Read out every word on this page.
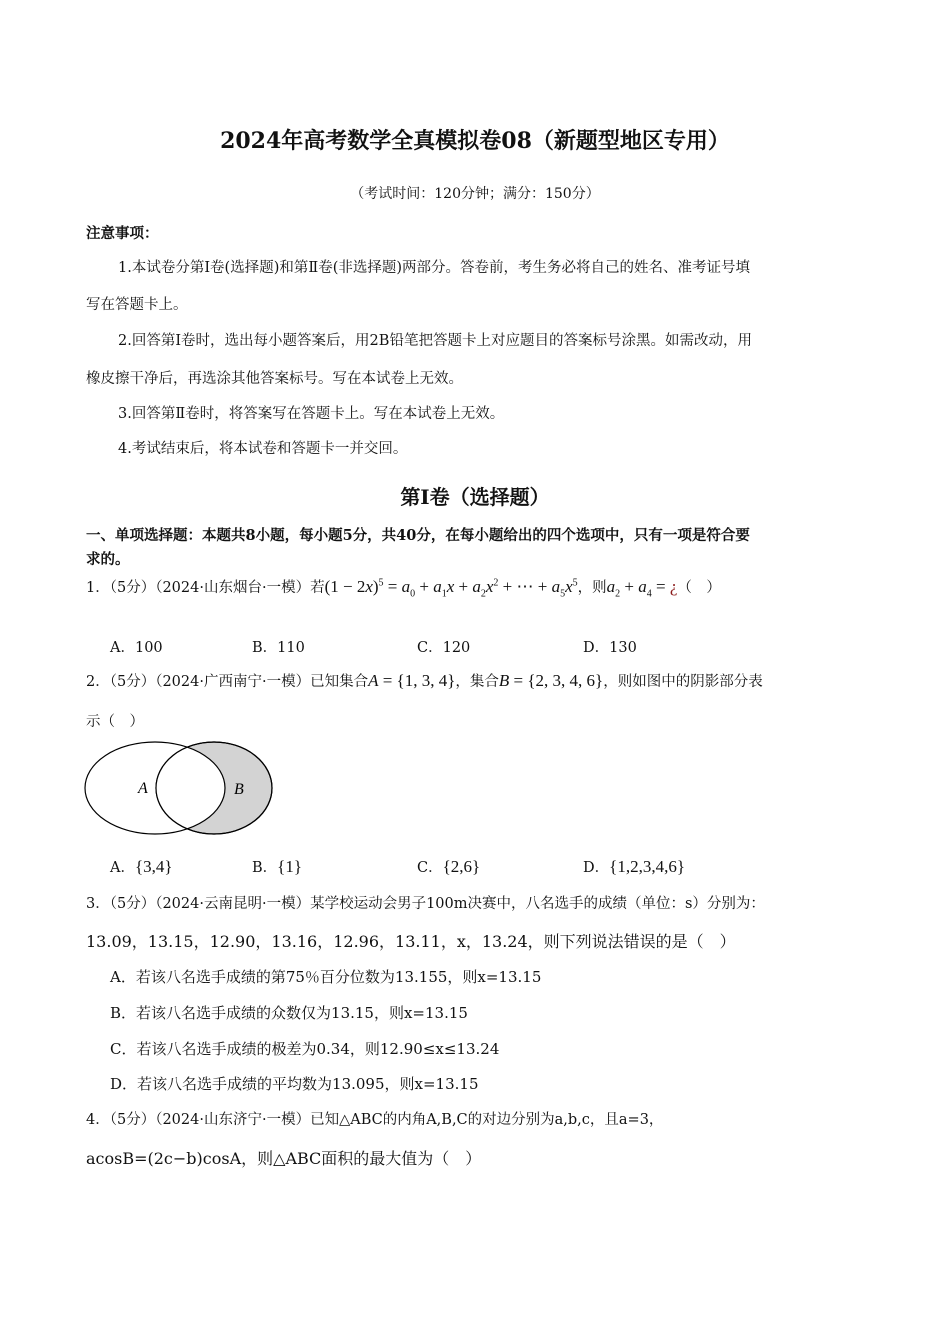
2024年高考数学全真模拟卷08（新题型地区专用）
（考试时间：120分钟；满分：150分）
注意事项：
1.本试卷分第Ⅰ卷(选择题)和第Ⅱ卷(非选择题)两部分。答卷前，考生务必将自己的姓名、准考证号填
写在答题卡上。
2.回答第Ⅰ卷时，选出每小题答案后，用2B铅笔把答题卡上对应题目的答案标号涂黑。如需改动，用
橡皮擦干净后，再选涂其他答案标号。写在本试卷上无效。
3.回答第Ⅱ卷时，将答案写在答题卡上。写在本试卷上无效。
4.考试结束后，将本试卷和答题卡一并交回。
第Ⅰ卷（选择题）
一、单项选择题：本题共8小题，每小题5分，共40分，在每小题给出的四个选项中，只有一项是符合要
求的。
1．（5分）（2024·山东烟台·一模）若$(1 - 2x)^5 = a_0 + a_1x + a_2x^2$ + ⋯ + $a_5x^5$，则$a_2 + a_4$ = ¿（　）
A．100	B．110	C．120	D．130
2．（5分）（2024·广西南宁·一模）已知集合A = {1, 3, 4}，集合B = {2, 3, 4, 6}，则如图中的阴影部分表
示（　）
A	B
A．{3,4}	B．{1}	C．{2,6}	D．{1,2,3,4,6}
3．（5分）（2024·云南昆明·一模）某学校运动会男子100m决赛中，八名选手的成绩（单位：s）分别为：
13.09，13.15，12.90，13.16，12.96，13.11，x，13.24，则下列说法错误的是（　）
A．若该八名选手成绩的第75％百分位数为13.155，则x=13.15
B．若该八名选手成绩的众数仅为13.15，则x=13.15
C．若该八名选手成绩的极差为0.34，则12.90≤x≤13.24
D．若该八名选手成绩的平均数为13.095，则x=13.15
4．（5分）（2024·山东济宁·一模）已知△ABC的内角A,B,C的对边分别为a,b,c，且a=3，
acosB=(2c−b)cosA，则△ABC面积的最大值为（　）
